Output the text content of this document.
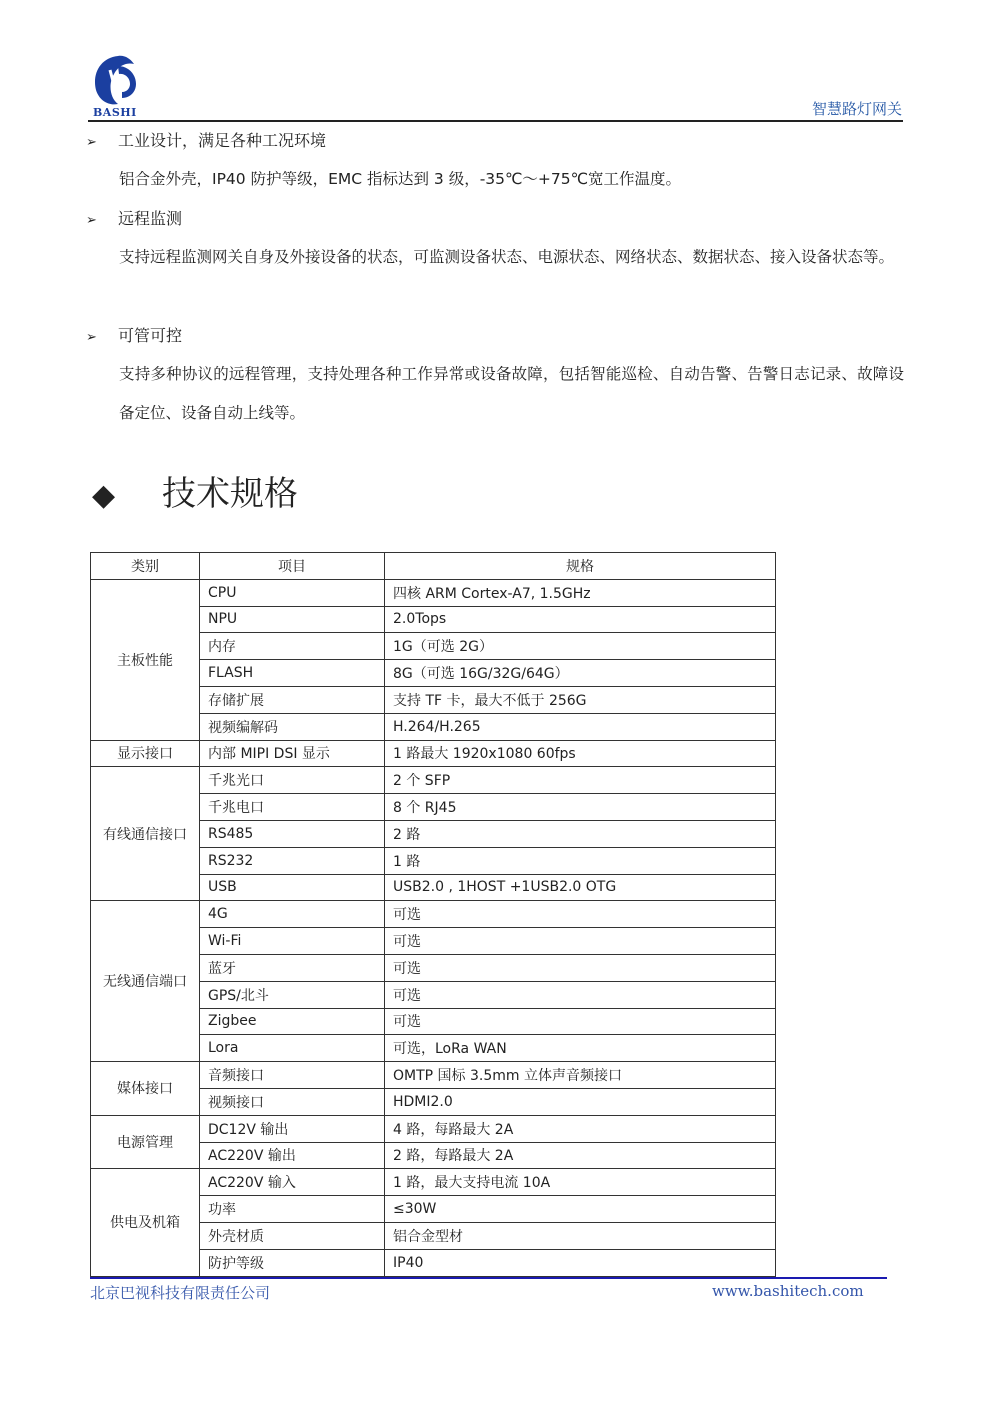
BASHI	智慧路灯网关
➢ 工业设计，满足各种工况环境
铝合金外壳，IP40 防护等级，EMC 指标达到 3 级，-35℃～+75℃宽工作温度。
➢ 远程监测
支持远程监测网关自身及外接设备的状态，可监测设备状态、电源状态、网络状态、数据状态、接入设备状态等。
➢ 可管可控
支持多种协议的远程管理，支持处理各种工作异常或设备故障，包括智能巡检、自动告警、告警日志记录、故障设备定位、设备自动上线等。
◆ 技术规格
类别	项目	规格
主板性能	CPU	四核 ARM Cortex-A7, 1.5GHz
	NPU	2.0Tops
	内存	1G（可选 2G）
	FLASH	8G（可选 16G/32G/64G）
	存储扩展	支持 TF 卡，最大不低于 256G
	视频编解码	H.264/H.265
显示接口	内部 MIPI DSI 显示	1 路最大 1920x1080 60fps
有线通信接口	千兆光口	2 个 SFP
	千兆电口	8 个 RJ45
	RS485	2 路
	RS232	1 路
	USB	USB2.0 , 1HOST +1USB2.0 OTG
无线通信端口	4G	可选
	Wi-Fi	可选
	蓝牙	可选
	GPS/北斗	可选
	Zigbee	可选
	Lora	可选，LoRa WAN
媒体接口	音频接口	OMTP 国标 3.5mm 立体声音频接口
	视频接口	HDMI2.0
电源管理	DC12V 输出	4 路，每路最大 2A
	AC220V 输出	2 路，每路最大 2A
供电及机箱	AC220V 输入	1 路，最大支持电流 10A
	功率	≤30W
	外壳材质	铝合金型材
	防护等级	IP40
北京巴视科技有限责任公司	www.bashitech.com
